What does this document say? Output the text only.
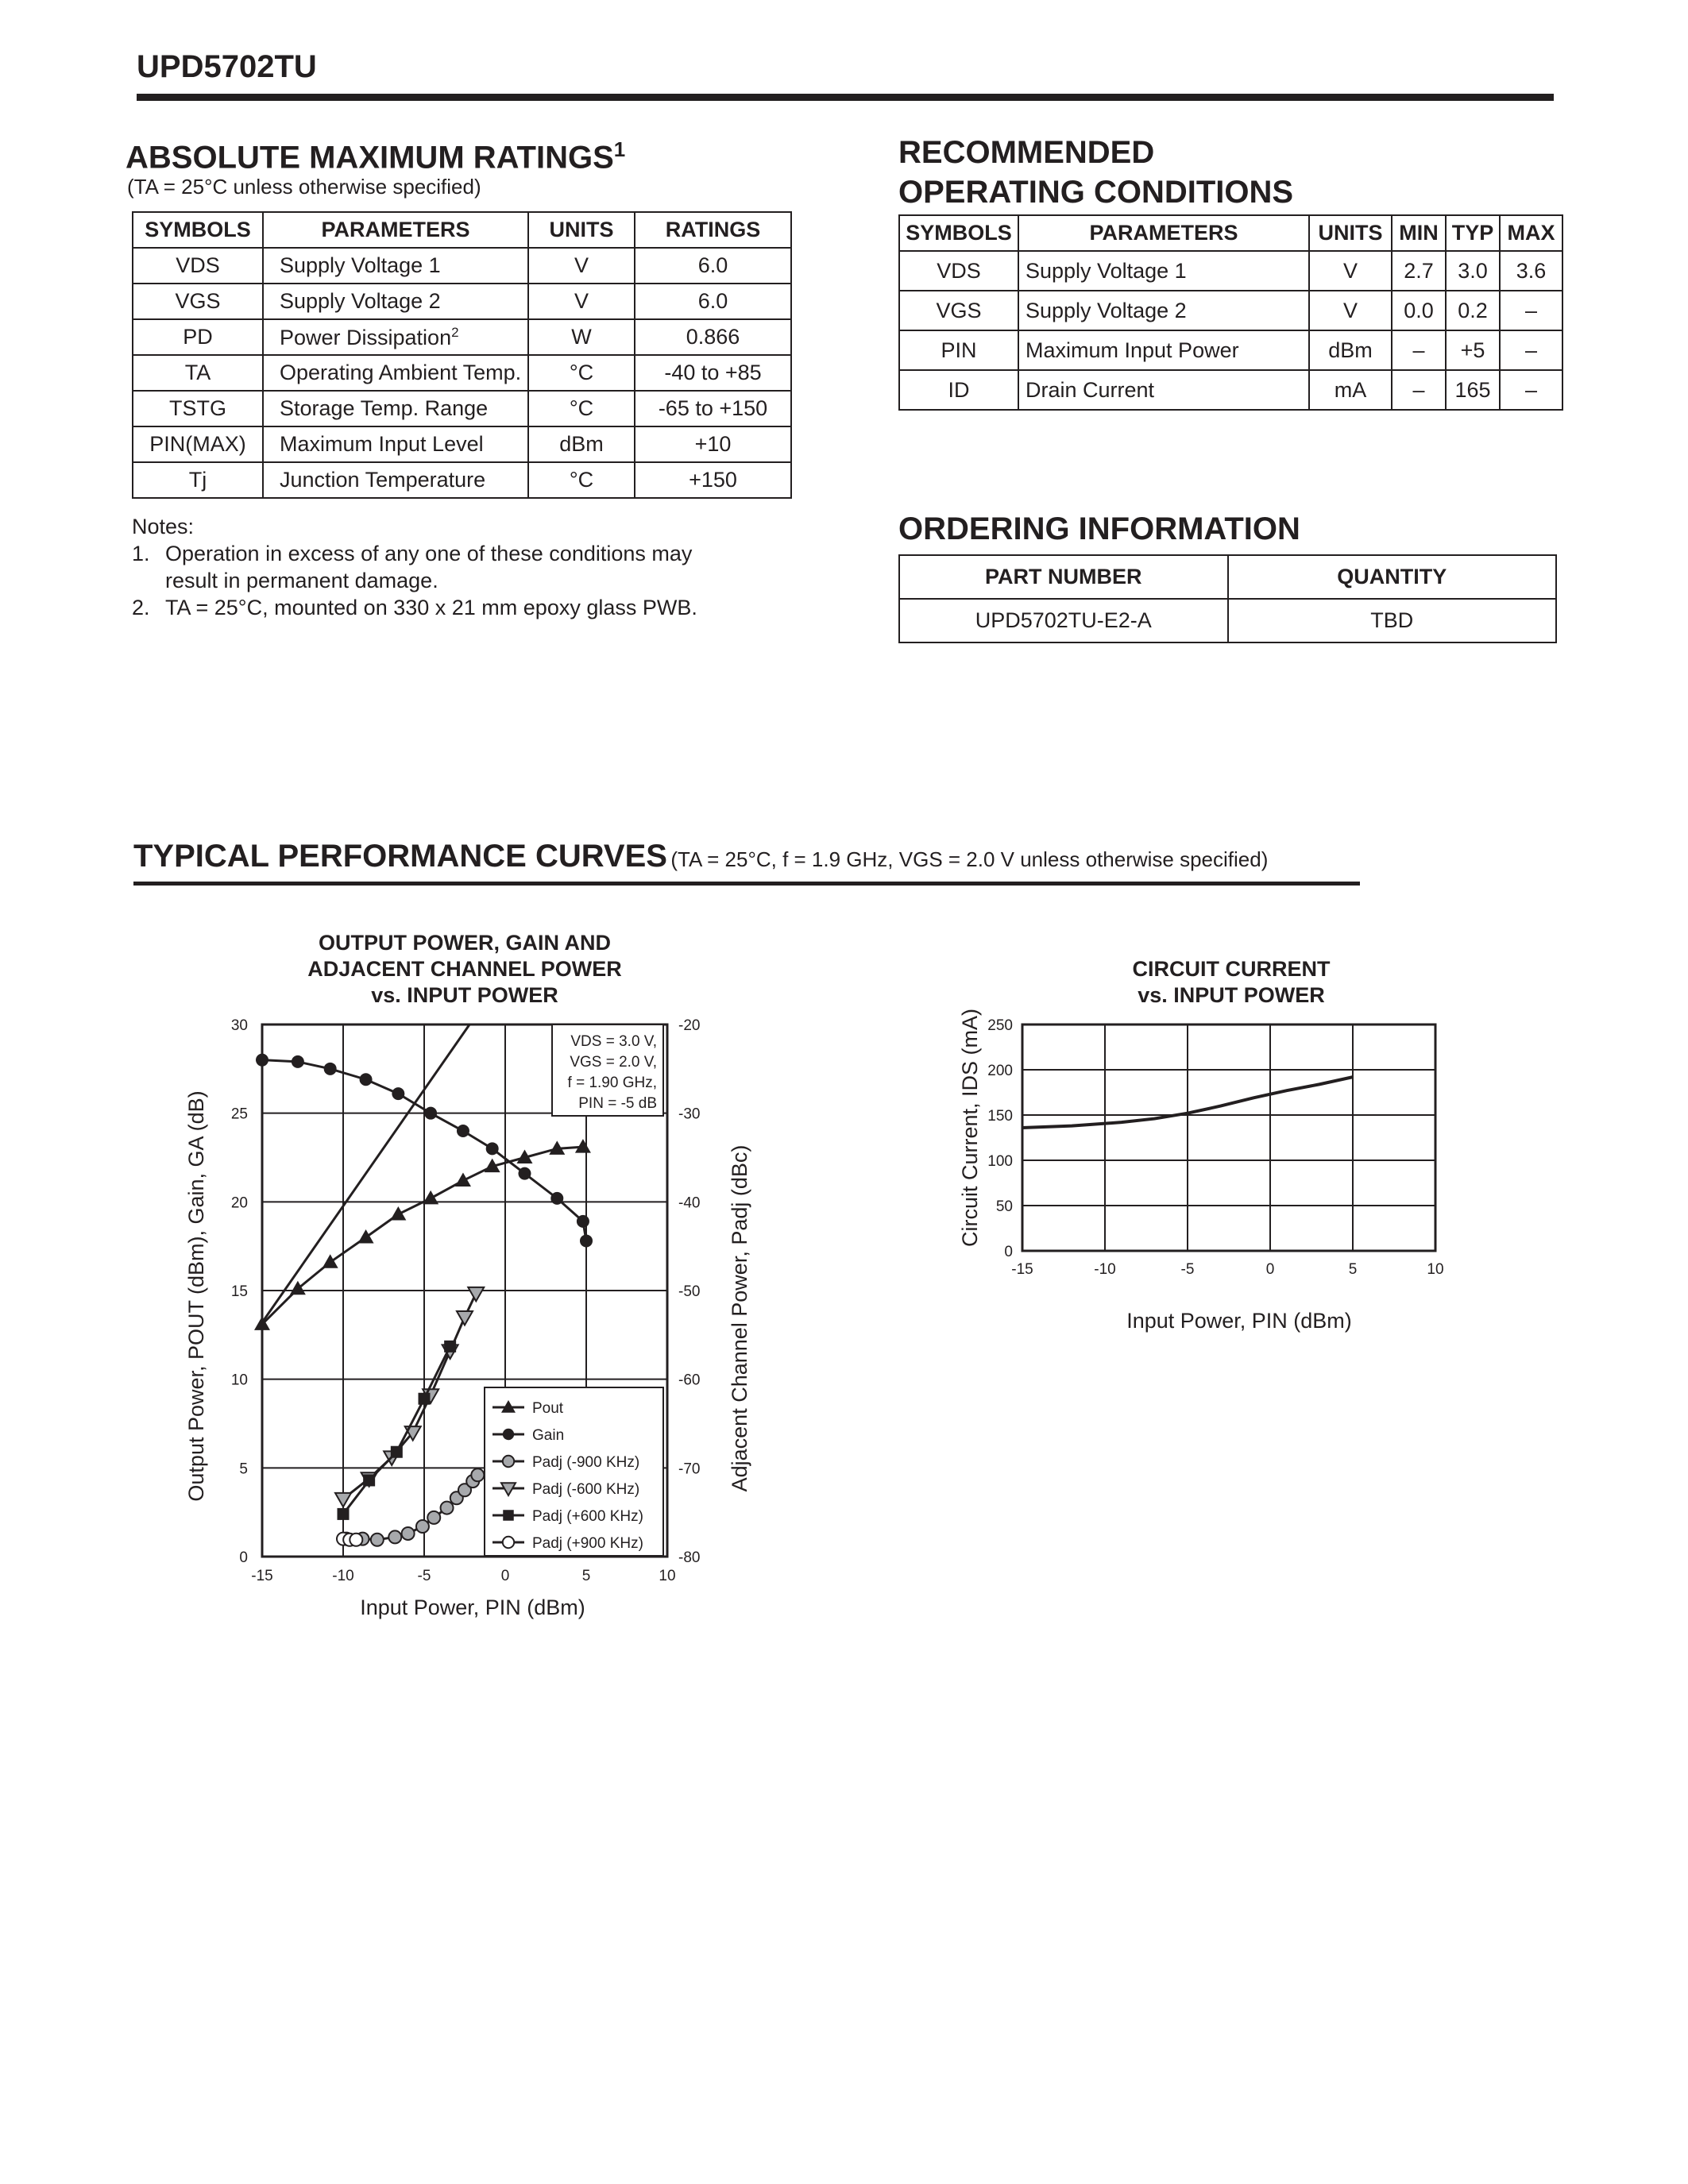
UPD5702TU
ABSOLUTE MAXIMUM RATINGS$^1$
(TA = 25°C unless otherwise specified)
SYMBOLS	PARAMETERS	UNITS	RATINGS
VDS	Supply Voltage 1	V	6.0
VGS	Supply Voltage 2	V	6.0
PD	Power Dissipation$^2$	W	0.866
TA	Operating Ambient Temp.	°C	-40 to +85
TSTG	Storage Temp. Range	°C	-65 to +150
PIN(MAX)	Maximum Input Level	dBm	+10
Tj	Junction Temperature	°C	+150
Notes:
1. Operation in excess of any one of these conditions may
result in permanent damage.
2. TA = 25°C, mounted on 330 x 21 mm epoxy glass PWB.
RECOMMENDED
OPERATING CONDITIONS
SYMBOLS	PARAMETERS	UNITS	MIN	TYP	MAX
VDS	Supply Voltage 1	V	2.7	3.0	3.6
VGS	Supply Voltage 2	V	0.0	0.2	–
PIN	Maximum Input Power	dBm	–	+5	–
ID	Drain Current	mA	–	165	–
ORDERING INFORMATION
PART NUMBER	QUANTITY
UPD5702TU-E2-A	TBD
TYPICAL PERFORMANCE CURVES (TA = 25°C, f = 1.9 GHz, VGS = 2.0 V unless otherwise specified)
OUTPUT POWER, GAIN AND
ADJACENT CHANNEL POWER
vs. INPUT POWER
-15	-10	-5	0	5	10
0
5
10
15
20
25
30
-80
-70
-60
-50
-40
-30
-20
VDS = 3.0 V,
VGS = 2.0 V,
f = 1.90 GHz,
PIN = -5 dB
Pout
Gain
Padj (-900 KHz)
Padj (-600 KHz)
Padj (+600 KHz)
Padj (+900 KHz)
Input Power, PIN (dBm)
Output Power, POUT (dBm), Gain, GA (dB)	Adjacent Channel Power, Padj (dBc)
CIRCUIT CURRENT
vs. INPUT POWER
-15	-10	-5	0	5	10
0
50
100
150
200
250
Input Power, PIN (dBm)
Circuit Current, IDS (mA)
